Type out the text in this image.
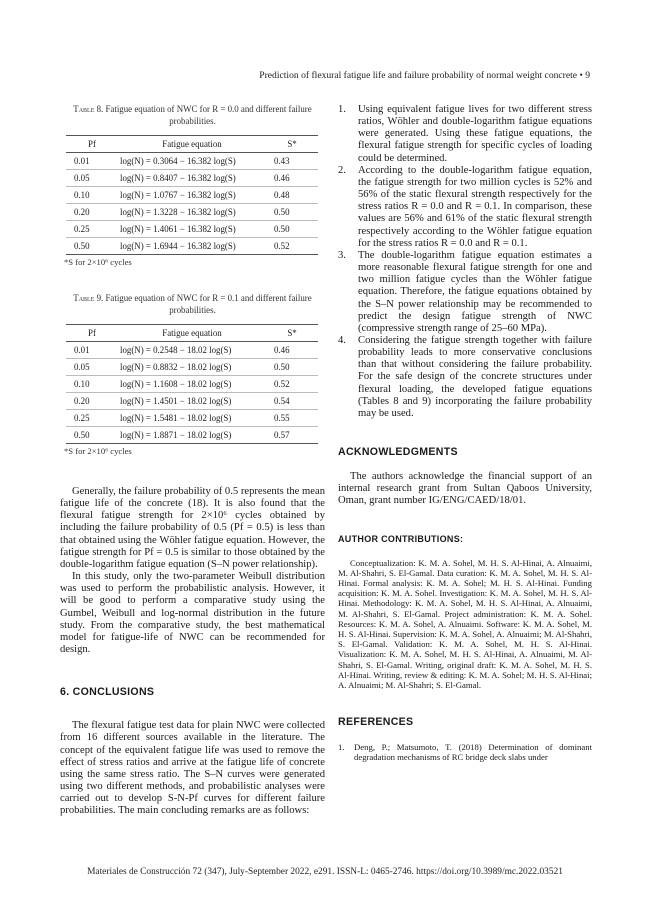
Prediction of flexural fatigue life and failure probability of normal weight concrete • 9
Table 8. Fatigue equation of NWC for R = 0.0 and different failure probabilities.
Pf	Fatigue equation	S*
0.01	log(N) = 0.3064 − 16.382 log(S)	0.43
0.05	log(N) = 0.8407 − 16.382 log(S)	0.46
0.10	log(N) = 1.0767 − 16.382 log(S)	0.48
0.20	log(N) = 1.3228 − 16.382 log(S)	0.50
0.25	log(N) = 1.4061 − 16.382 log(S)	0.50
0.50	log(N) = 1.6944 − 16.382 log(S)	0.52
*S for 2×10⁶ cycles
Table 9. Fatigue equation of NWC for R = 0.1 and different failure probabilities.
Pf	Fatigue equation	S*
0.01	log(N) = 0.2548 − 18.02 log(S)	0.46
0.05	log(N) = 0.8832 − 18.02 log(S)	0.50
0.10	log(N) = 1.1608 − 18.02 log(S)	0.52
0.20	log(N) = 1.4501 − 18.02 log(S)	0.54
0.25	log(N) = 1.5481 − 18.02 log(S)	0.55
0.50	log(N) = 1.8871 − 18.02 log(S)	0.57
*S for 2×10⁶ cycles

Generally, the failure probability of 0.5 represents the mean fatigue life of the concrete (18). It is also found that the flexural fatigue strength for 2×10⁶ cycles obtained by including the failure probability of 0.5 (Pf = 0.5) is less than that obtained using the Wöhler fatigue equation. However, the fatigue strength for Pf = 0.5 is similar to those obtained by the double-logarithm fatigue equation (S–N power relationship).

In this study, only the two-parameter Weibull distribution was used to perform the probabilistic analysis. However, it will be good to perform a comparative study using the Gumbel, Weibull and log-normal distribution in the future study. From the comparative study, the best mathematical model for fatigue-life of NWC can be recommended for design.

6. CONCLUSIONS

The flexural fatigue test data for plain NWC were collected from 16 different sources available in the literature. The concept of the equivalent fatigue life was used to remove the effect of stress ratios and arrive at the fatigue life of concrete using the same stress ratio. The S–N curves were generated using two different methods, and probabilistic analyses were carried out to develop S-N-Pf curves for different failure probabilities. The main concluding remarks are as follows:

1. Using equivalent fatigue lives for two different stress ratios, Wöhler and double-logarithm fatigue equations were generated. Using these fatigue equations, the flexural fatigue strength for specific cycles of loading could be determined.
2. According to the double-logarithm fatigue equation, the fatigue strength for two million cycles is 52% and 56% of the static flexural strength respectively for the stress ratios R = 0.0 and R = 0.1. In comparison, these values are 56% and 61% of the static flexural strength respectively according to the Wöhler fatigue equation for the stress ratios R = 0.0 and R = 0.1.
3. The double-logarithm fatigue equation estimates a more reasonable flexural fatigue strength for one and two million fatigue cycles than the Wöhler fatigue equation. Therefore, the fatigue equations obtained by the S–N power relationship may be recommended to predict the design fatigue strength of NWC (compressive strength range of 25–60 MPa).
4. Considering the fatigue strength together with failure probability leads to more conservative conclusions than that without considering the failure probability. For the safe design of the concrete structures under flexural loading, the developed fatigue equations (Tables 8 and 9) incorporating the failure probability may be used.
ACKNOWLEDGMENTS

The authors acknowledge the financial support of an internal research grant from Sultan Qaboos University, Oman, grant number IG/ENG/CAED/18/01.

AUTHOR CONTRIBUTIONS:

Conceptualization: K. M. A. Sohel, M. H. S. Al-Hinai, A. Alnuaimi, M. Al-Shahri, S. El-Gamal. Data curation: K. M. A. Sohel, M. H. S. Al-Hinai. Formal analysis: K. M. A. Sohel; M. H. S. Al-Hinai. Funding acquisition: K. M. A. Sohel. Investigation: K. M. A. Sohel, M. H. S. Al-Hinai. Methodology: K. M. A. Sohel, M. H. S. Al-Hinai, A. Alnuaimi, M. Al-Shahri, S. El-Gamal. Project administration: K. M. A. Sohel. Resources: K. M. A. Sohel, A. Alnuaimi. Software: K. M. A. Sohel, M. H. S. Al-Hinai. Supervision: K. M. A. Sohel, A. Alnuaimi; M. Al-Shahri, S. El-Gamal. Validation: K. M. A. Sohel, M. H. S. Al-Hinai. Visualization: K. M. A. Sohel, M. H. S. Al-Hinai, A. Alnuaimi, M. Al-Shahri, S. El-Gamal. Writing, original draft: K. M. A. Sohel, M. H. S. Al-Hinai. Writing, review & editing: K. M. A. Sohel; M. H. S. Al-Hinai; A. Alnuaimi; M. Al-Shahri; S. El-Gamal.

REFERENCES
1. Deng, P.; Matsumoto, T. (2018) Determination of dominant degradation mechanisms of RC bridge deck slabs under
Materiales de Construcción 72 (347), July-September 2022, e291. ISSN-L: 0465-2746. https://doi.org/10.3989/mc.2022.03521
